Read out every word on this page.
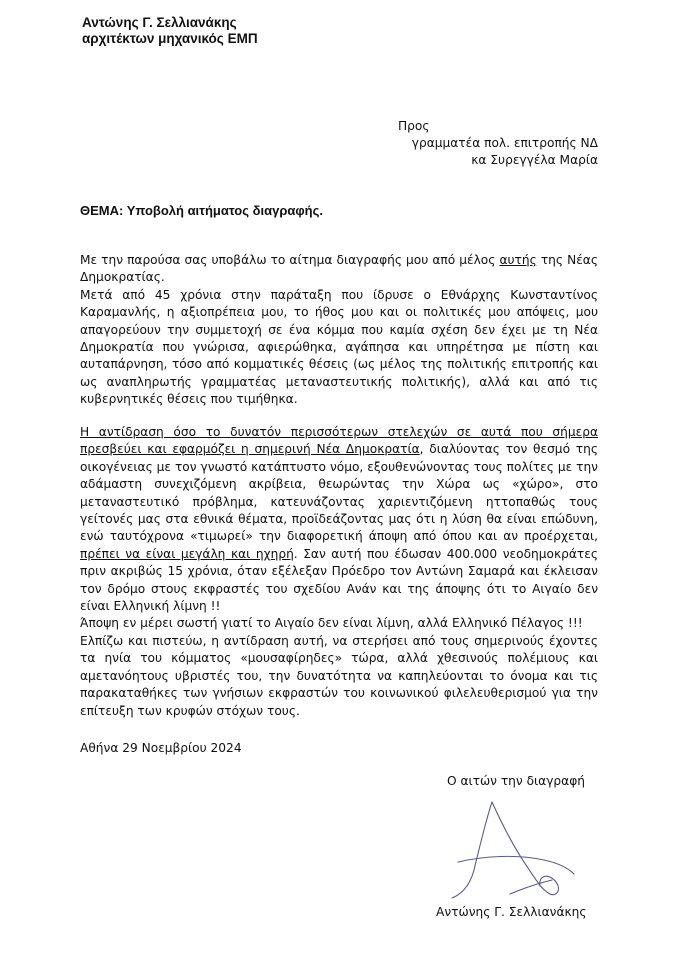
Αντώνης Γ. Σελλιανάκης
αρχιτέκτων μηχανικός ΕΜΠ
Προς
γραμματέα πολ. επιτροπής ΝΔ
κα Συρεγγέλα Μαρία
ΘΕΜΑ: Υποβολή αιτήματος διαγραφής.
Με την παρούσα σας υποβάλω το αίτημα διαγραφής μου από μέλος αυτής της Νέας Δημοκρατίας.
Μετά από 45 χρόνια στην παράταξη που ίδρυσε ο Εθνάρχης Κωνσταντίνος Καραμανλής, η αξιοπρέπεια μου, το ήθος μου και οι πολιτικές μου απόψεις, μου απαγορεύουν την συμμετοχή σε ένα κόμμα που καμία σχέση δεν έχει με τη Νέα Δημοκρατία που γνώρισα, αφιερώθηκα, αγάπησα και υπηρέτησα με πίστη και αυταπάρνηση, τόσο από κομματικές θέσεις (ως μέλος της πολιτικής επιτροπής και ως αναπληρωτής γραμματέας μεταναστευτικής πολιτικής), αλλά και από τις κυβερνητικές θέσεις που τιμήθηκα.
Η αντίδραση όσο το δυνατόν περισσότερων στελεχών σε αυτά που σήμερα πρεσβεύει και εφαρμόζει η σημερινή Νέα Δημοκρατία, διαλύοντας τον θεσμό της οικογένειας με τον γνωστό κατάπτυστο νόμο, εξουθενώνοντας τους πολίτες με την αδάμαστη συνεχιζόμενη ακρίβεια, θεωρώντας την Χώρα ως «χώρο», στο μεταναστευτικό πρόβλημα, κατευνάζοντας χαριεντιζόμενη ηττοπαθώς τους γείτονές μας στα εθνικά θέματα, προϊδεάζοντας μας ότι η λύση θα είναι επώδυνη, ενώ ταυτόχρονα «τιμωρεί» την διαφορετική άποψη από όπου και αν προέρχεται, πρέπει να είναι μεγάλη και ηχηρή. Σαν αυτή που έδωσαν 400.000 νεοδημοκράτες πριν ακριβώς 15 χρόνια, όταν εξέλεξαν Πρόεδρο τον Αντώνη Σαμαρά και έκλεισαν τον δρόμο στους εκφραστές του σχεδίου Ανάν και της άποψης ότι το Αιγαίο δεν είναι Ελληνική λίμνη !!
Άποψη εν μέρει σωστή γιατί το Αιγαίο δεν είναι λίμνη, αλλά Ελληνικό Πέλαγος !!!
Ελπίζω και πιστεύω, η αντίδραση αυτή, να στερήσει από τους σημερινούς έχοντες τα ηνία του κόμματος «μουσαφίρηδες» τώρα, αλλά χθεσινούς πολέμιους και αμετανόητους υβριστές του, την δυνατότητα να καπηλεύονται το όνομα και τις παρακαταθήκες των γνήσιων εκφραστών του κοινωνικού φιλελευθερισμού για την επίτευξη των κρυφών στόχων τους.
Αθήνα 29 Νοεμβρίου 2024
Ο αιτών την διαγραφή
Αντώνης Γ. Σελλιανάκης
